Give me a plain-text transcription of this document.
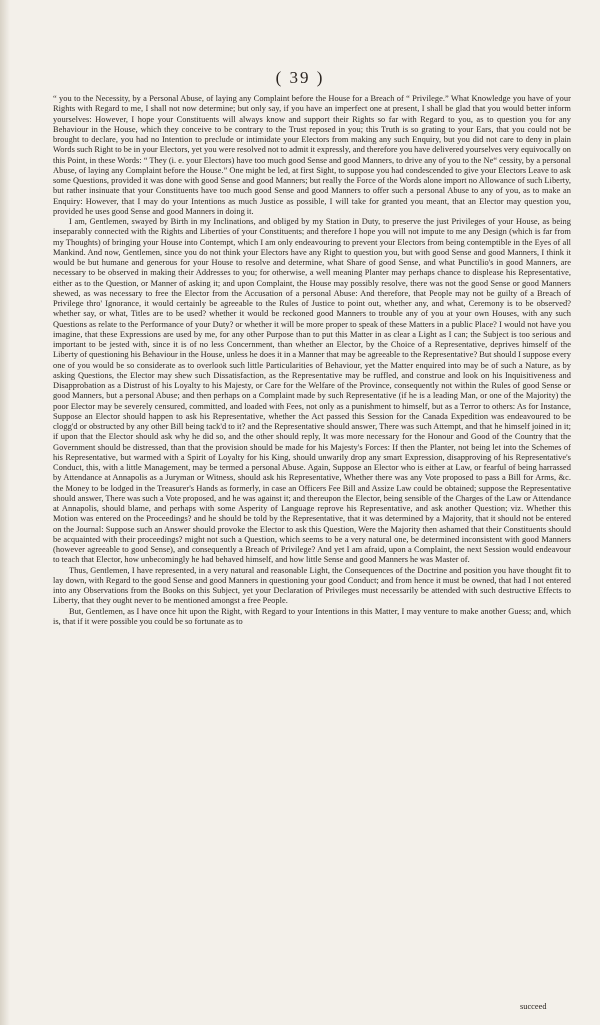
( 39 )

“ you to the Necessity, by a Personal Abuse, of laying any Complaint before the House for a Breach of “ Privilege.” What Knowledge you have of your Rights with Regard to me, I shall not now determine; but only say, if you have an imperfect one at present, I shall be glad that you would better inform yourselves: However, I hope your Constituents will always know and support their Rights so far with Regard to you, as to question you for any Behaviour in the House, which they conceive to be contrary to the Trust reposed in you; this Truth is so grating to your Ears, that you could not be brought to declare, you had no Intention to preclude or intimidate your Electors from making any such Enquiry, but you did not care to deny in plain Words such Right to be in your Electors, yet you were resolved not to admit it expressly, and therefore you have delivered yourselves very equivocally on this Point, in these Words: “ They (i. e. your Electors) have too much good Sense and good Manners, to drive any of you to the Ne“ cessity, by a personal Abuse, of laying any Complaint before the House.” One might be led, at first Sight, to suppose you had condescended to give your Electors Leave to ask some Questions, provided it was done with good Sense and good Manners; but really the Force of the Words alone import no Allowance of such Liberty, but rather insinuate that your Constituents have too much good Sense and good Manners to offer such a personal Abuse to any of you, as to make an Enquiry: However, that I may do your Intentions as much Justice as possible, I will take for granted you meant, that an Elector may question you, provided he uses good Sense and good Manners in doing it.

I am, Gentlemen, swayed by Birth in my Inclinations, and obliged by my Station in Duty, to preserve the just Privileges of your House, as being inseparably connected with the Rights and Liberties of your Constituents; and therefore I hope you will not impute to me any Design (which is far from my Thoughts) of bringing your House into Contempt, which I am only endeavouring to prevent your Electors from being contemptible in the Eyes of all Mankind. And now, Gentlemen, since you do not think your Electors have any Right to question you, but with good Sense and good Manners, I think it would be but humane and generous for your House to resolve and determine, what Share of good Sense, and what Punctilio's in good Manners, are necessary to be observed in making their Addresses to you; for otherwise, a well meaning Planter may perhaps chance to displease his Representative, either as to the Question, or Manner of asking it; and upon Complaint, the House may possibly resolve, there was not the good Sense or good Manners shewed, as was necessary to free the Elector from the Accusation of a personal Abuse: And therefore, that People may not be guilty of a Breach of Privilege thro' Ignorance, it would certainly be agreeable to the Rules of Justice to point out, whether any, and what, Ceremony is to be observed? whether say, or what, Titles are to be used? whether it would be reckoned good Manners to trouble any of you at your own Houses, with any such Questions as relate to the Performance of your Duty? or whether it will be more proper to speak of these Matters in a public Place? I would not have you imagine, that these Expressions are used by me, for any other Purpose than to put this Matter in as clear a Light as I can; the Subject is too serious and important to be jested with, since it is of no less Concernment, than whether an Elector, by the Choice of a Representative, deprives himself of the Liberty of questioning his Behaviour in the House, unless he does it in a Manner that may be agreeable to the Representative? But should I suppose every one of you would be so considerate as to overlook such little Particularities of Behaviour, yet the Matter enquired into may be of such a Nature, as by asking Questions, the Elector may shew such Dissatisfaction, as the Representative may be ruffled, and construe and look on his Inquisitiveness and Disapprobation as a Distrust of his Loyalty to his Majesty, or Care for the Welfare of the Province, consequently not within the Rules of good Sense or good Manners, but a personal Abuse; and then perhaps on a Complaint made by such Representative (if he is a leading Man, or one of the Majority) the poor Elector may be severely censured, committed, and loaded with Fees, not only as a punishment to himself, but as a Terror to others: As for Instance, Suppose an Elector should happen to ask his Representative, whether the Act passed this Session for the Canada Expedition was endeavoured to be clogg'd or obstructed by any other Bill being tack'd to it? and the Representative should answer, There was such Attempt, and that he himself joined in it; if upon that the Elector should ask why he did so, and the other should reply, It was more necessary for the Honour and Good of the Country that the Government should be distressed, than that the provision should be made for his Majesty's Forces: If then the Planter, not being let into the Schemes of his Representative, but warmed with a Spirit of Loyalty for his King, should unwarily drop any smart Expression, disapproving of his Representative's Conduct, this, with a little Management, may be termed a personal Abuse. Again, Suppose an Elector who is either at Law, or fearful of being harrassed by Attendance at Annapolis as a Juryman or Witness, should ask his Representative, Whether there was any Vote proposed to pass a Bill for Arms, &c. the Money to be lodged in the Treasurer's Hands as formerly, in case an Officers Fee Bill and Assize Law could be obtained; suppose the Representative should answer, There was such a Vote proposed, and he was against it; and thereupon the Elector, being sensible of the Charges of the Law or Attendance at Annapolis, should blame, and perhaps with some Asperity of Language reprove his Representative, and ask another Question; viz. Whether this Motion was entered on the Proceedings? and he should be told by the Representative, that it was determined by a Majority, that it should not be entered on the Journal: Suppose such an Answer should provoke the Elector to ask this Question, Were the Majority then ashamed that their Constituents should be acquainted with their proceedings? might not such a Question, which seems to be a very natural one, be determined inconsistent with good Manners (however agreeable to good Sense), and consequently a Breach of Privilege? And yet I am afraid, upon a Complaint, the next Session would endeavour to teach that Elector, how unbecomingly he had behaved himself, and how little Sense and good Manners he was Master of.

Thus, Gentlemen, I have represented, in a very natural and reasonable Light, the Consequences of the Doctrine and position you have thought fit to lay down, with Regard to the good Sense and good Manners in questioning your good Conduct; and from hence it must be owned, that had I not entered into any Observations from the Books on this Subject, yet your Declaration of Privileges must necessarily be attended with such destructive Effects to Liberty, that they ought never to be mentioned amongst a free People.

But, Gentlemen, as I have once hit upon the Right, with Regard to your Intentions in this Matter, I may venture to make another Guess; and, which is, that if it were possible you could be so fortunate as to

succeed
